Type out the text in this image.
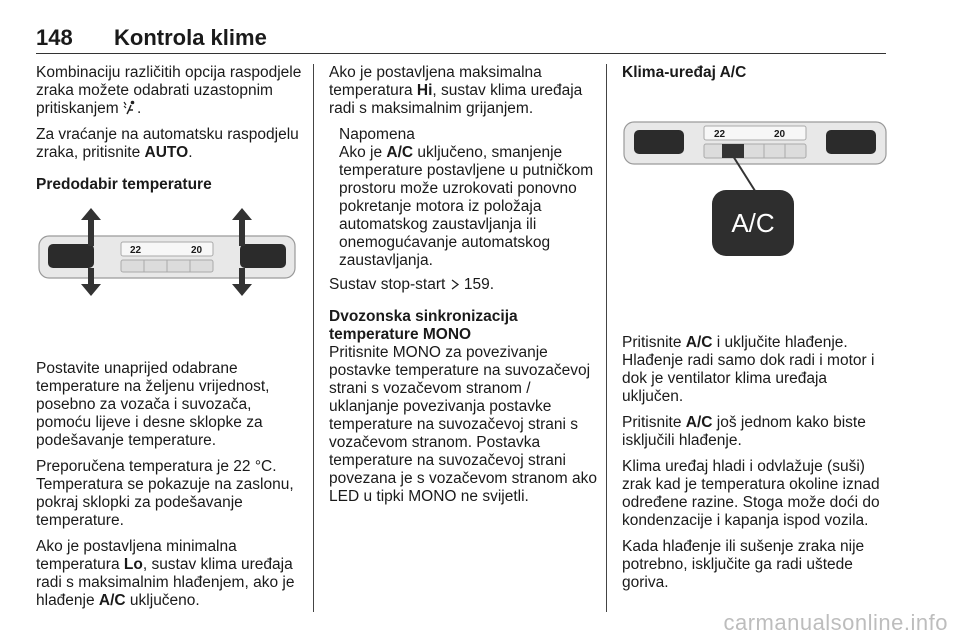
148 Kontrola klime

Kombinaciju različitih opcija raspodjele zraka možete odabrati uzastopnim pritiskanjem .

Za vraćanje na automatsku raspodjelu zraka, pritisnite AUTO.

Predodabir temperature

22	20

Postavite unaprijed odabrane temperature na željenu vrijednost, posebno za vozača i suvozača, pomoću lijeve i desne sklopke za podešavanje temperature.

Preporučena temperatura je 22 °C. Temperatura se pokazuje na zaslonu, pokraj sklopki za podešavanje temperature.

Ako je postavljena minimalna temperatura Lo, sustav klima uređaja radi s maksimalnim hlađenjem, ako je hlađenje A/C uključeno.

Ako je postavljena maksimalna temperatura Hi, sustav klima uređaja radi s maksimalnim grijanjem.

Napomena

Ako je A/C uključeno, smanjenje temperature postavljene u putničkom prostoru može uzrokovati ponovno pokretanje motora iz položaja automatskog zaustavljanja ili onemogućavanje automatskog zaustavljanja.

Sustav stop-start  159.

Dvozonska sinkronizacija

temperature MONO

Pritisnite MONO za povezivanje postavke temperature na suvozačevoj strani s vozačevom stranom / uklanjanje povezivanja postavke temperature na suvozačevoj strani s vozačevom stranom. Postavka temperature na suvozačevoj strani povezana je s vozačevom stranom ako LED u tipki MONO ne svijetli.

Klima-uređaj A/C

22	20
A/C

Pritisnite A/C i uključite hlađenje. Hlađenje radi samo dok radi i motor i dok je ventilator klima uređaja uključen.

Pritisnite A/C još jednom kako biste isključili hlađenje.

Klima uređaj hladi i odvlažuje (suši) zrak kad je temperatura okoline iznad određene razine. Stoga može doći do kondenzacije i kapanja ispod vozila.

Kada hlađenje ili sušenje zraka nije potrebno, isključite ga radi uštede goriva.

carmanualsonline.info
